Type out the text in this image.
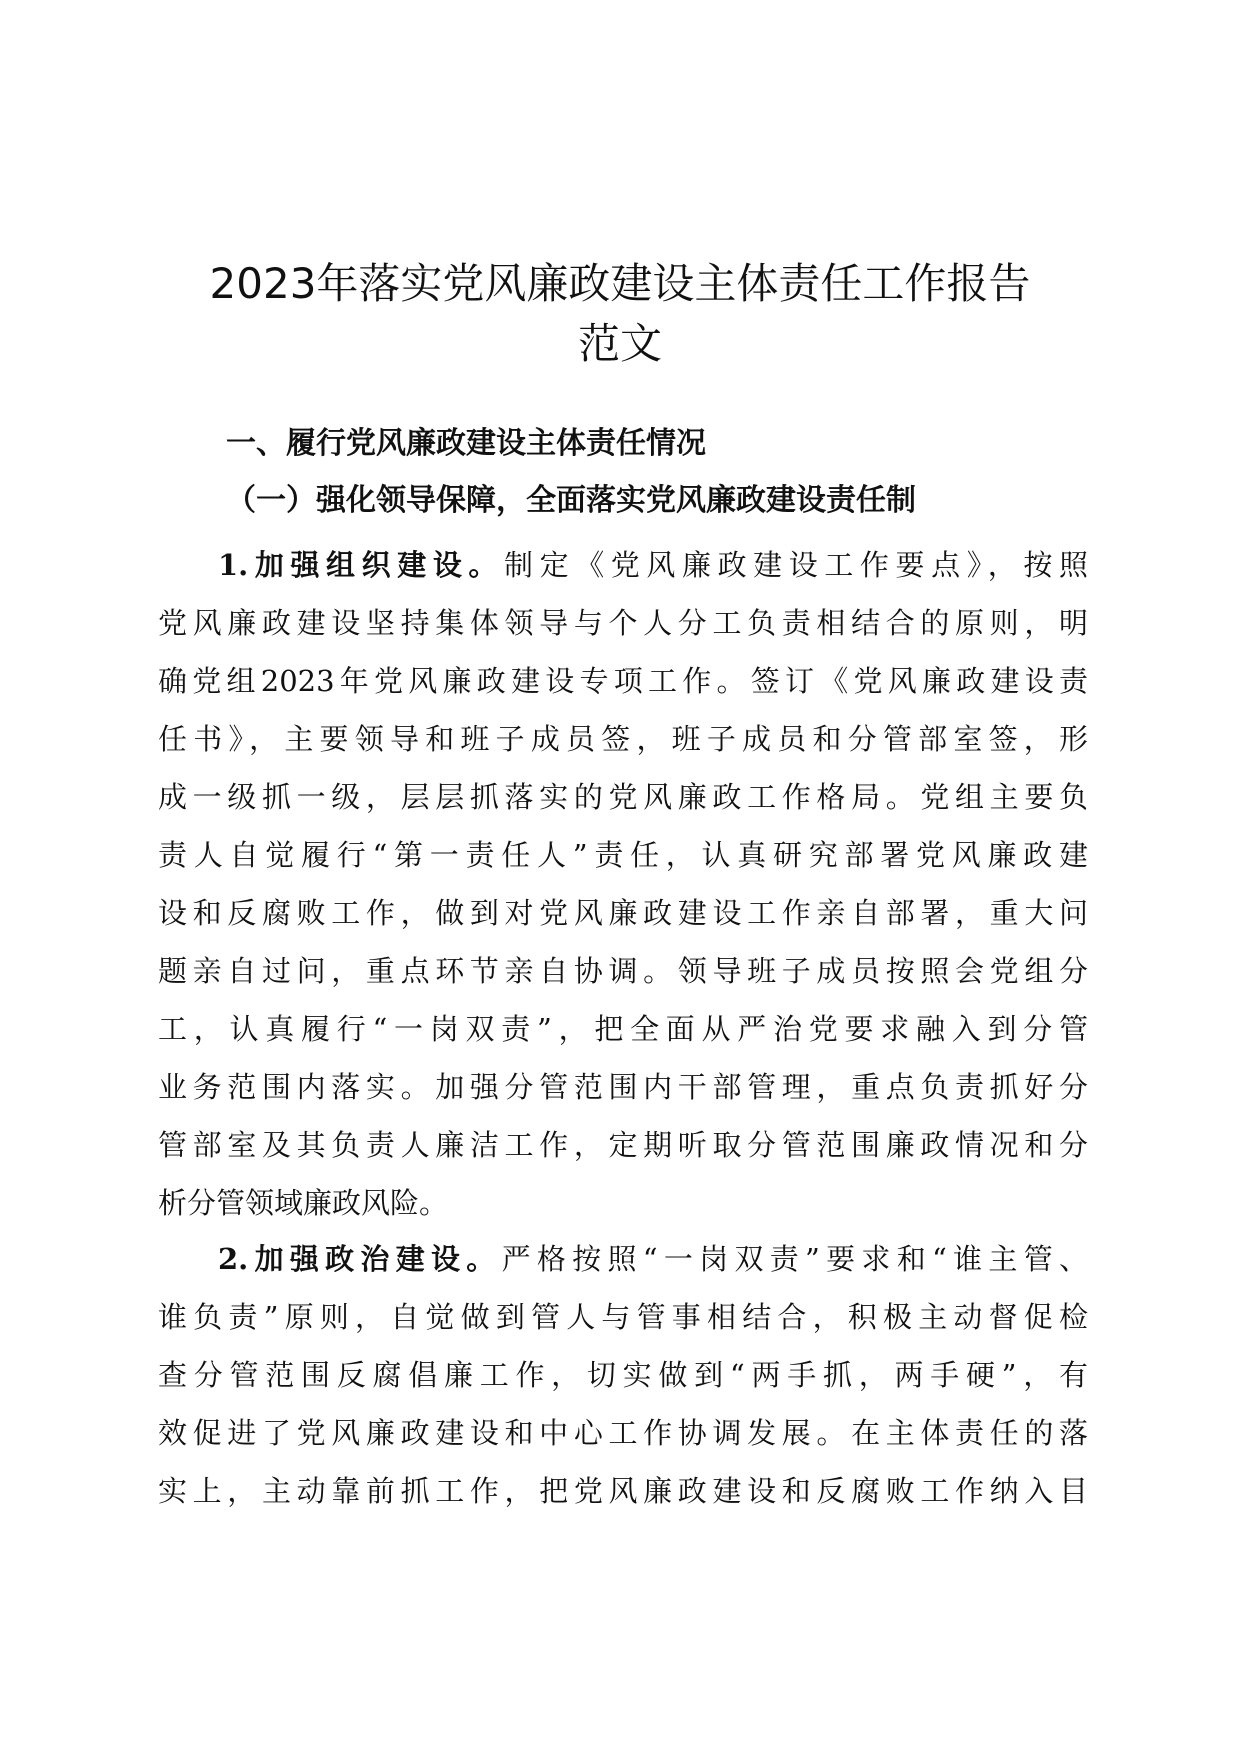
2023年落实党风廉政建设主体责任工作报告
范文
一、履行党风廉政建设主体责任情况
（一）强化领导保障，全面落实党风廉政建设责任制
1.加强组织建设。制定《党风廉政建设工作要点》，按照
党风廉政建设坚持集体领导与个人分工负责相结合的原则，明
确党组2023年党风廉政建设专项工作。签订《党风廉政建设责
任书》，主要领导和班子成员签，班子成员和分管部室签，形
成一级抓一级，层层抓落实的党风廉政工作格局。党组主要负
责人自觉履行“第一责任人”责任，认真研究部署党风廉政建
设和反腐败工作，做到对党风廉政建设工作亲自部署，重大问
题亲自过问，重点环节亲自协调。领导班子成员按照会党组分
工，认真履行“一岗双责”，把全面从严治党要求融入到分管
业务范围内落实。加强分管范围内干部管理，重点负责抓好分
管部室及其负责人廉洁工作，定期听取分管范围廉政情况和分
析分管领域廉政风险。
2.加强政治建设。严格按照“一岗双责”要求和“谁主管、
谁负责”原则，自觉做到管人与管事相结合，积极主动督促检
查分管范围反腐倡廉工作，切实做到“两手抓，两手硬”，有
效促进了党风廉政建设和中心工作协调发展。在主体责任的落
实上，主动靠前抓工作，把党风廉政建设和反腐败工作纳入目
